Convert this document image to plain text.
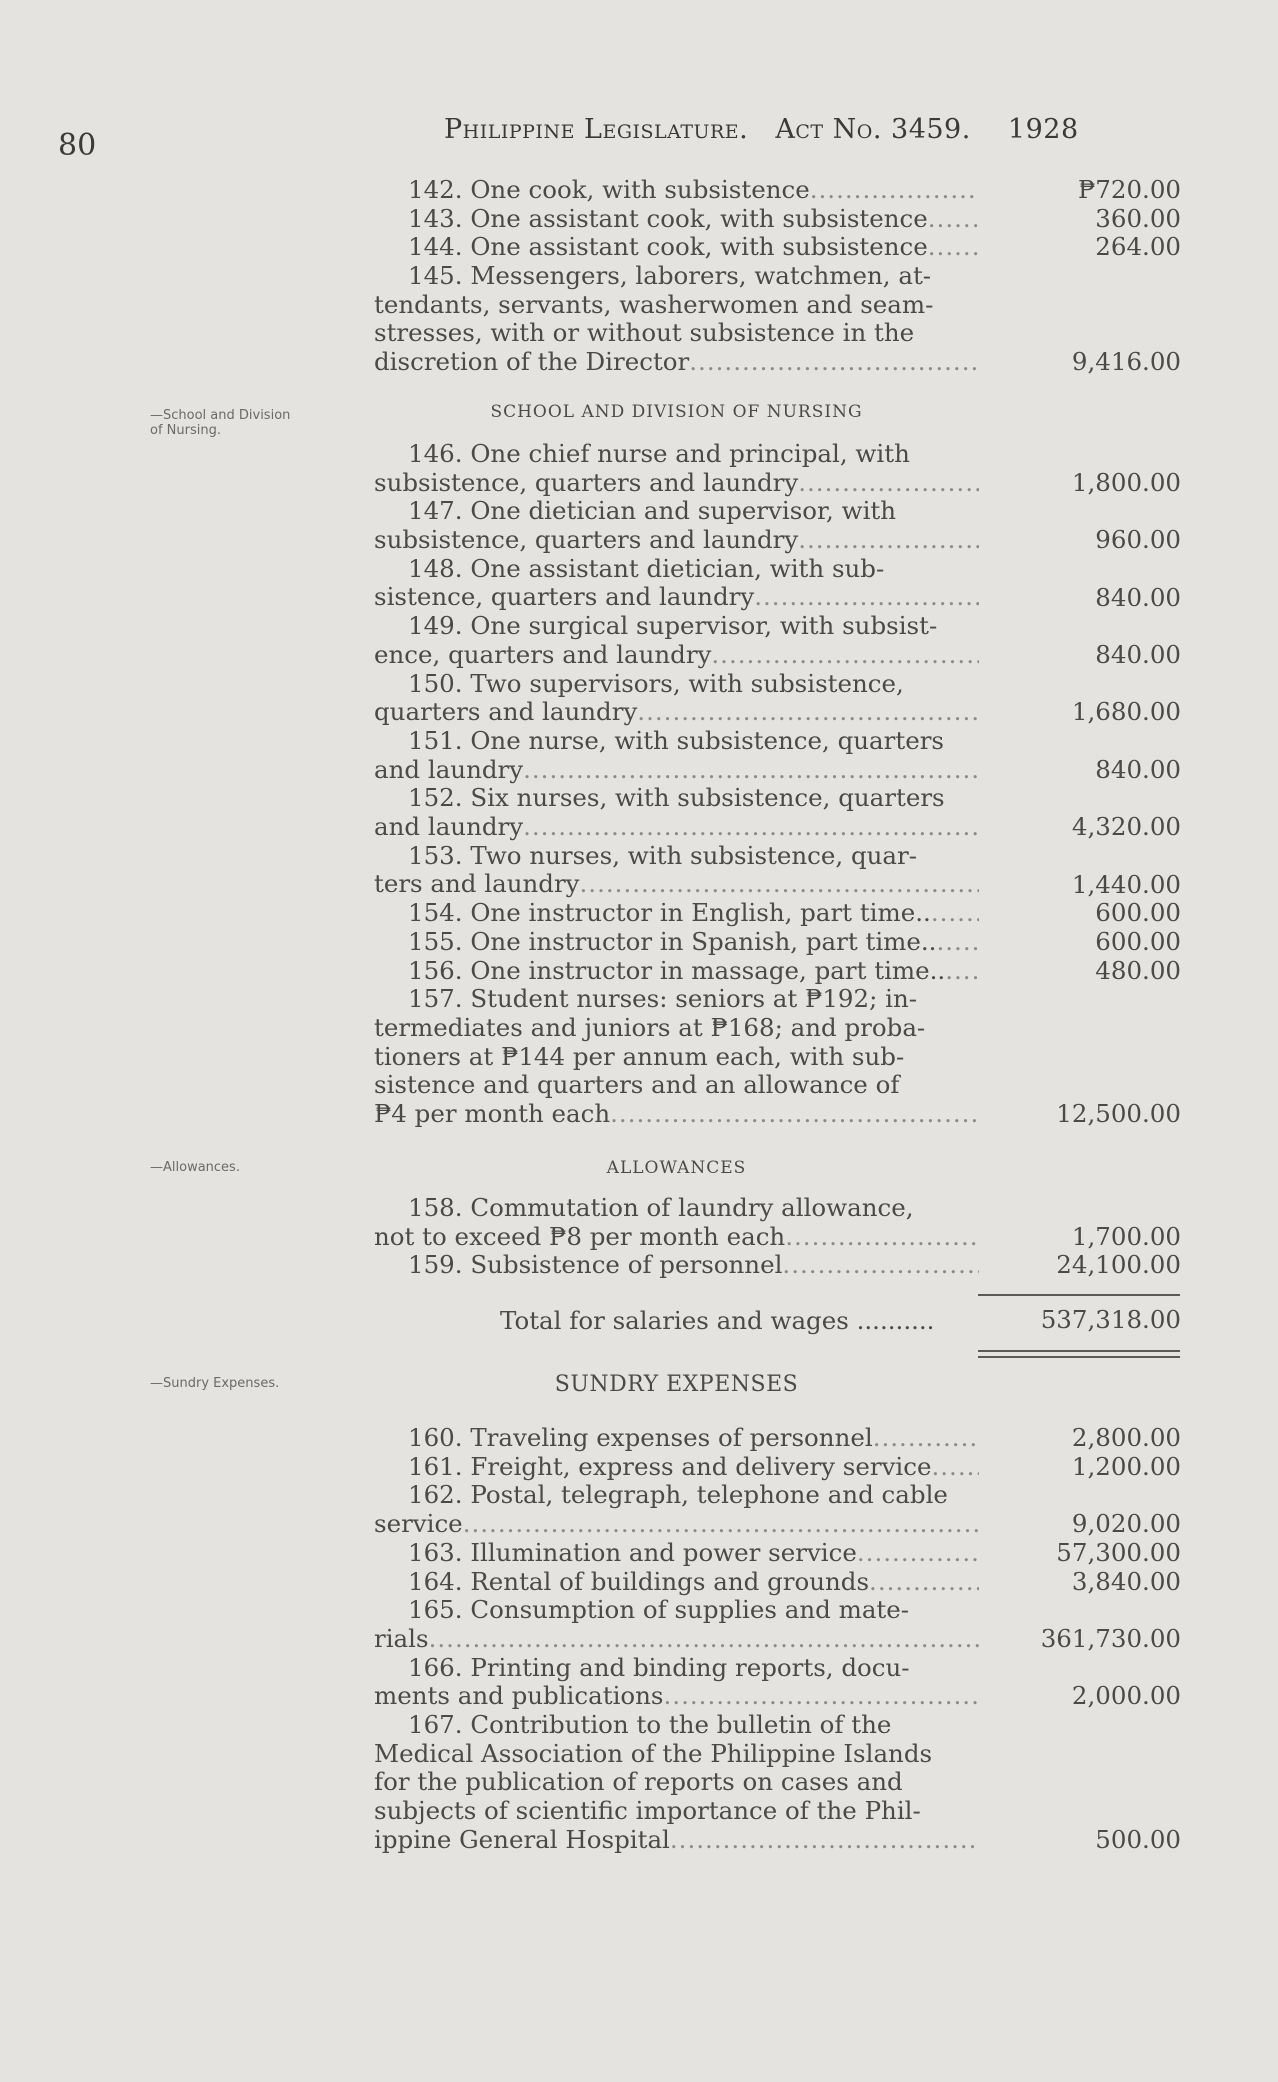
80	Philippine Legislature. Act No. 3459. 1928
142. One cook, with subsistence .....	₱720.00
143. One assistant cook, with subsistence .....	360.00
144. One assistant cook, with subsistence .....	264.00
145. Messengers, laborers, watchmen, at-
tendants, servants, washerwomen and seam-
stresses, with or without subsistence in the
discretion of the Director .....	9,416.00
—School and Division
of Nursing.
SCHOOL AND DIVISION OF NURSING
146. One chief nurse and principal, with
subsistence, quarters and laundry .....	1,800.00
147. One dietician and supervisor, with
subsistence, quarters and laundry .....	960.00
148. One assistant dietician, with sub-
sistence, quarters and laundry .....	840.00
149. One surgical supervisor, with subsist-
ence, quarters and laundry .....	840.00
150. Two supervisors, with subsistence,
quarters and laundry .....	1,680.00
151. One nurse, with subsistence, quarters
and laundry .....	840.00
152. Six nurses, with subsistence, quarters
and laundry .....	4,320.00
153. Two nurses, with subsistence, quar-
ters and laundry .....	1,440.00
154. One instructor in English, part time.. .....	600.00
155. One instructor in Spanish, part time.. .....	600.00
156. One instructor in massage, part time.. .....	480.00
157. Student nurses: seniors at ₱192; in-
termediates and juniors at ₱168; and proba-
tioners at ₱144 per annum each, with sub-
sistence and quarters and an allowance of
₱4 per month each .....	12,500.00
—Allowances.	ALLOWANCES
158. Commutation of laundry allowance,
not to exceed ₱8 per month each .....	1,700.00
159. Subsistence of personnel .....	24,100.00
Total for salaries and wages ..........	537,318.00
—Sundry Expenses.	SUNDRY EXPENSES
160. Traveling expenses of personnel .....	2,800.00
161. Freight, express and delivery service .....	1,200.00
162. Postal, telegraph, telephone and cable
service .....	9,020.00
163. Illumination and power service .....	57,300.00
164. Rental of buildings and grounds .....	3,840.00
165. Consumption of supplies and mate-
rials .....	361,730.00
166. Printing and binding reports, docu-
ments and publications .....	2,000.00
167. Contribution to the bulletin of the
Medical Association of the Philippine Islands
for the publication of reports on cases and
subjects of scientific importance of the Phil-
ippine General Hospital .....	500.00
